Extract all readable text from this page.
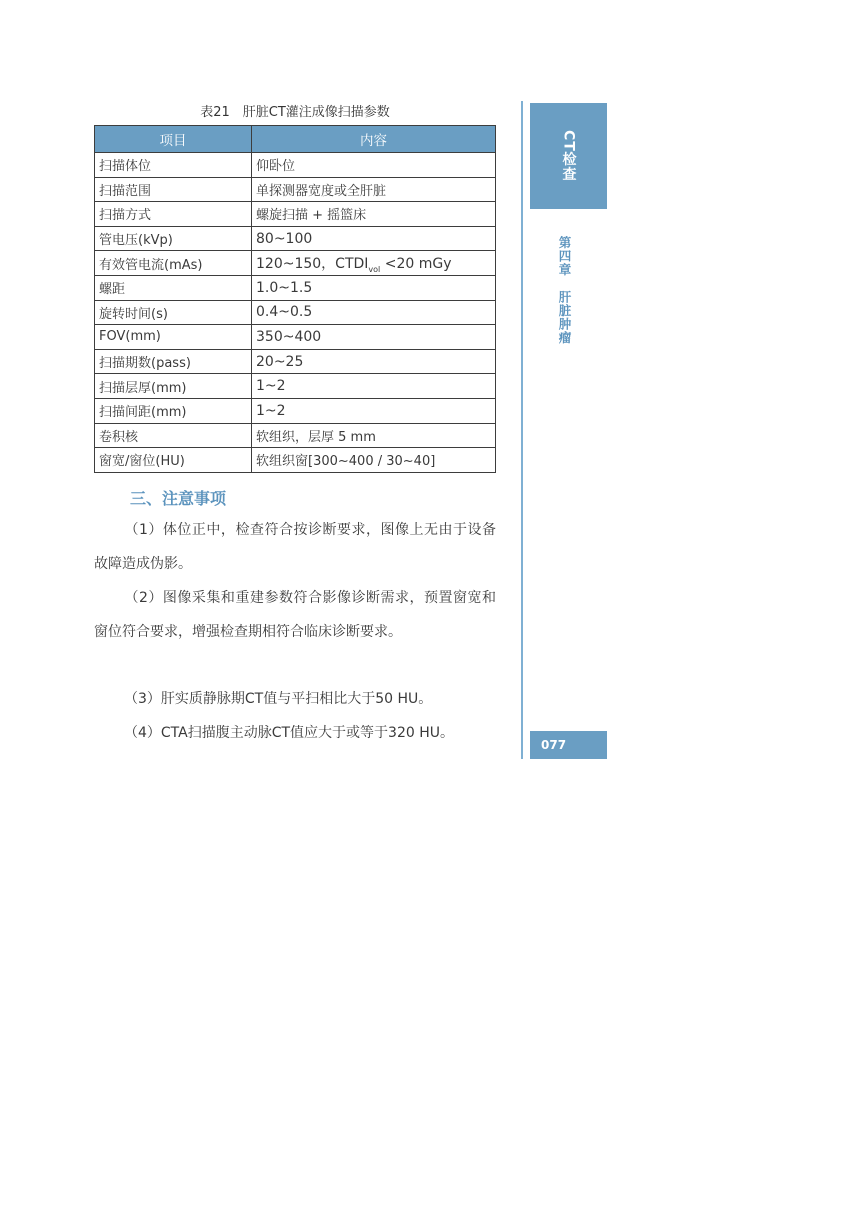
表21　肝脏CT灌注成像扫描参数
项目	内容
扫描体位	仰卧位
扫描范围	单探测器宽度或全肝脏
扫描方式	螺旋扫描 + 摇篮床
管电压(kVp)	80~100
有效管电流(mAs)	120~150，$CTDI_{vol} <20$ mGy
螺距	1.0~1.5
旋转时间(s)	0.4~0.5
FOV(mm)	350~400
扫描期数(pass)	20~25
扫描层厚(mm)	1~2
扫描间距(mm)	1~2
卷积核	软组织，层厚 5 mm
窗宽/窗位(HU)	软组织窗[300~400 / 30~40]
三、注意事项
（1）体位正中，检查符合按诊断要求，图像上无由于设备故障造成伪影。
（2）图像采集和重建参数符合影像诊断需求，预置窗宽和窗位符合要求，增强检查期相符合临床诊断要求。
（3）肝实质静脉期CT值与平扫相比大于50 HU。
（4）CTA扫描腹主动脉CT值应大于或等于320 HU。
CT检查
第四章肝脏肿瘤
077
